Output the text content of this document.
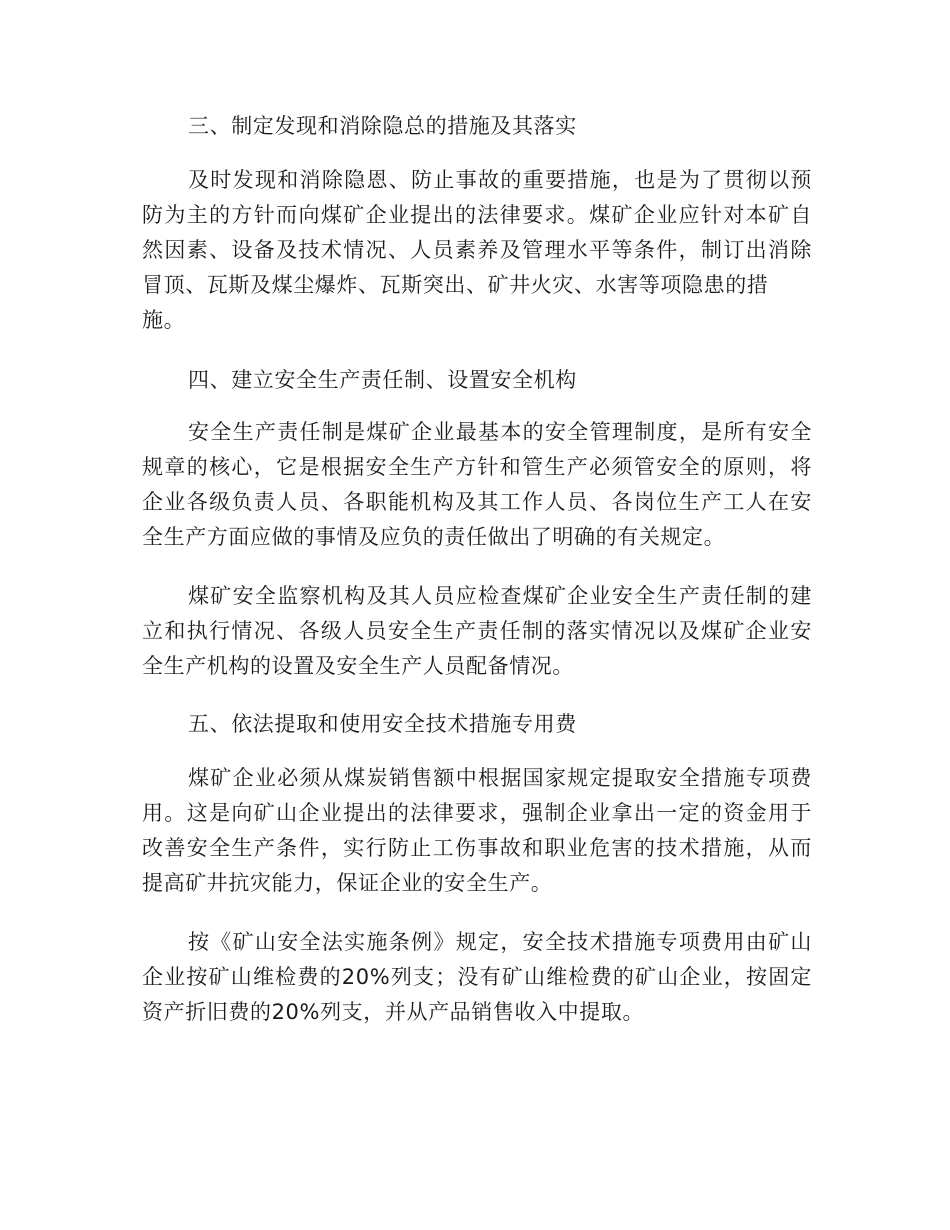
三、制定发现和消除隐总的措施及其落实
及时发现和消除隐恩、防止事故的重要措施，也是为了贯彻以预
防为主的方针而向煤矿企业提出的法律要求。煤矿企业应针对本矿自
然因素、设备及技术情况、人员素养及管理水平等条件，制订出消除
冒顶、瓦斯及煤尘爆炸、瓦斯突出、矿井火灾、水害等项隐患的措
施。
四、建立安全生产责任制、设置安全机构
安全生产责任制是煤矿企业最基本的安全管理制度，是所有安全
规章的核心，它是根据安全生产方针和管生产必须管安全的原则，将
企业各级负责人员、各职能机构及其工作人员、各岗位生产工人在安
全生产方面应做的事情及应负的责任做出了明确的有关规定。
煤矿安全监察机构及其人员应检查煤矿企业安全生产责任制的建
立和执行情况、各级人员安全生产责任制的落实情况以及煤矿企业安
全生产机构的设置及安全生产人员配备情况。
五、依法提取和使用安全技术措施专用费
煤矿企业必须从煤炭销售额中根据国家规定提取安全措施专项费
用。这是向矿山企业提出的法律要求，强制企业拿出一定的资金用于
改善安全生产条件，实行防止工伤事故和职业危害的技术措施，从而
提高矿井抗灾能力，保证企业的安全生产。
按《矿山安全法实施条例》规定，安全技术措施专项费用由矿山
企业按矿山维检费的20%列支；没有矿山维检费的矿山企业，按固定
资产折旧费的20%列支，并从产品销售收入中提取。
